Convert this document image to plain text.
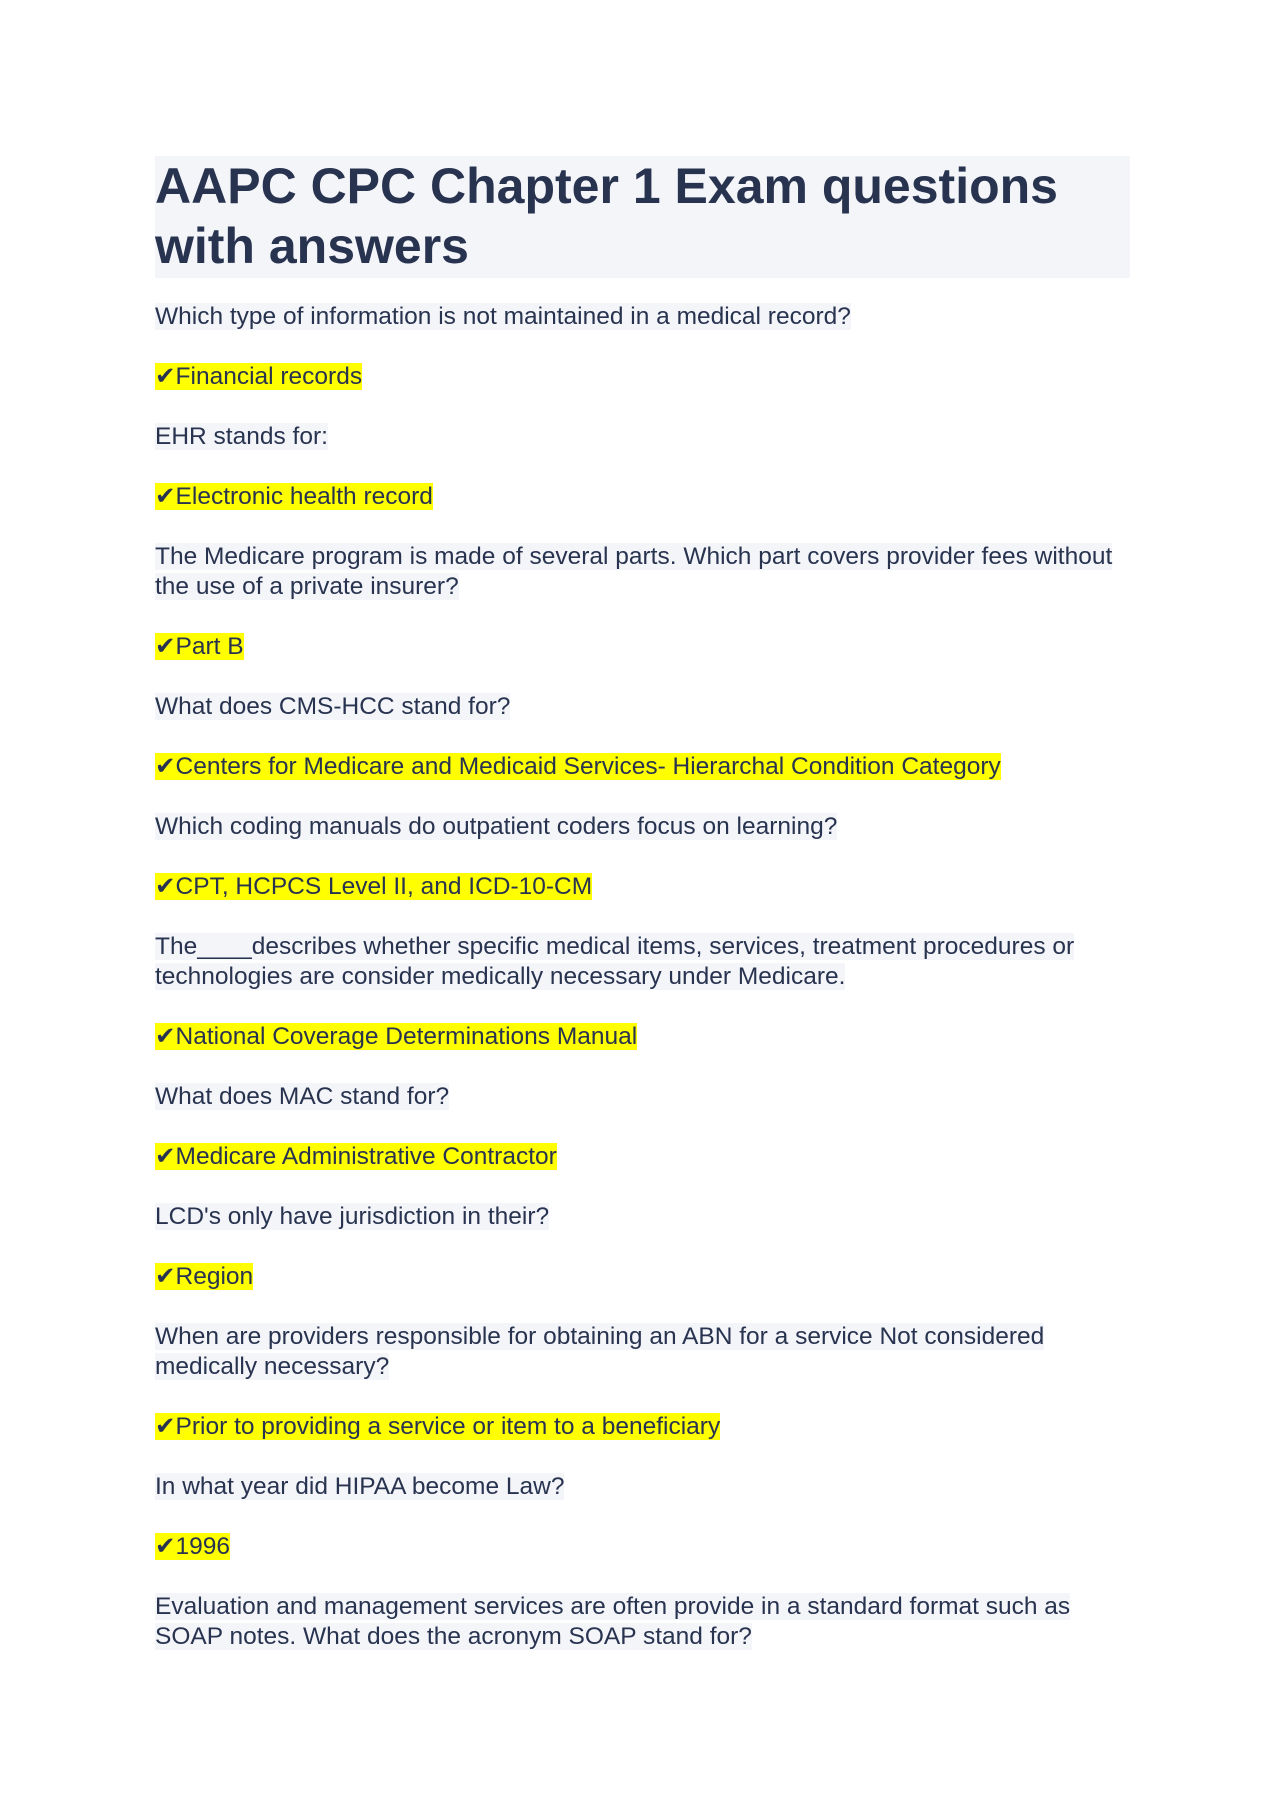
AAPC CPC Chapter 1 Exam questions with answers

Which type of information is not maintained in a medical record?

✔Financial records

EHR stands for:

✔Electronic health record

The Medicare program is made of several parts. Which part covers provider fees without the use of a private insurer?

✔Part B

What does CMS-HCC stand for?

✔Centers for Medicare and Medicaid Services- Hierarchal Condition Category

Which coding manuals do outpatient coders focus on learning?

✔CPT, HCPCS Level II, and ICD-10-CM

The____describes whether specific medical items, services, treatment procedures or technologies are consider medically necessary under Medicare.

✔National Coverage Determinations Manual

What does MAC stand for?

✔Medicare Administrative Contractor

LCD's only have jurisdiction in their?

✔Region

When are providers responsible for obtaining an ABN for a service Not considered medically necessary?

✔Prior to providing a service or item to a beneficiary

In what year did HIPAA become Law?

✔1996

Evaluation and management services are often provide in a standard format such as SOAP notes. What does the acronym SOAP stand for?
